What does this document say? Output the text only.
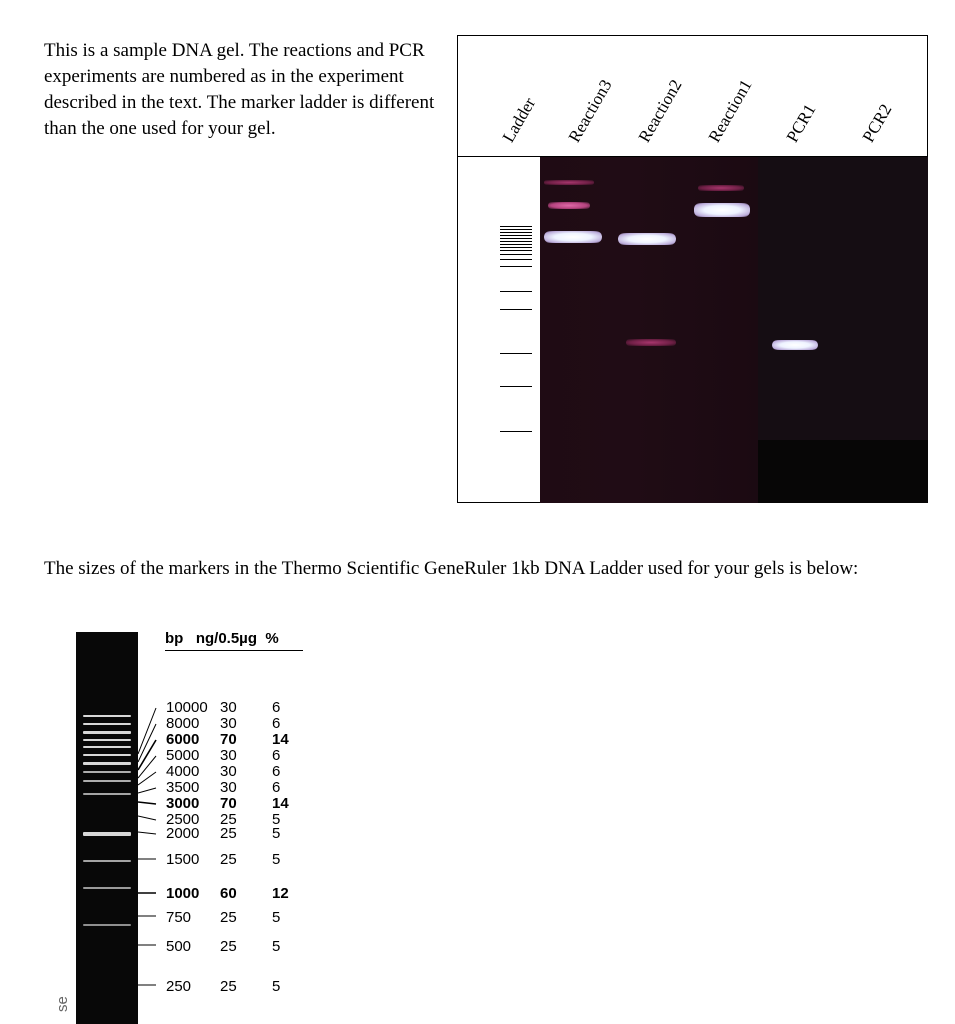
This is a sample DNA gel. The reactions and PCR experiments are numbered as in the experiment described in the text. The marker ladder is different than the one used for your gel.	Ladder Reaction3 Reaction2 Reaction1 PCR1 PCR2

The sizes of the markers in the Thermo Scientific GeneRuler 1kb DNA Ladder used for your gels is below:

bp   ng/0.5µg  %
10000 30 6
8000 30 6
6000 70 14
5000 30 6
4000 30 6
3500 30 6
3000 70 14
2500 25 5
2000 25 5
1500 25 5
1000 60 12
750 25 5
500 25 5
250 25 5
se
